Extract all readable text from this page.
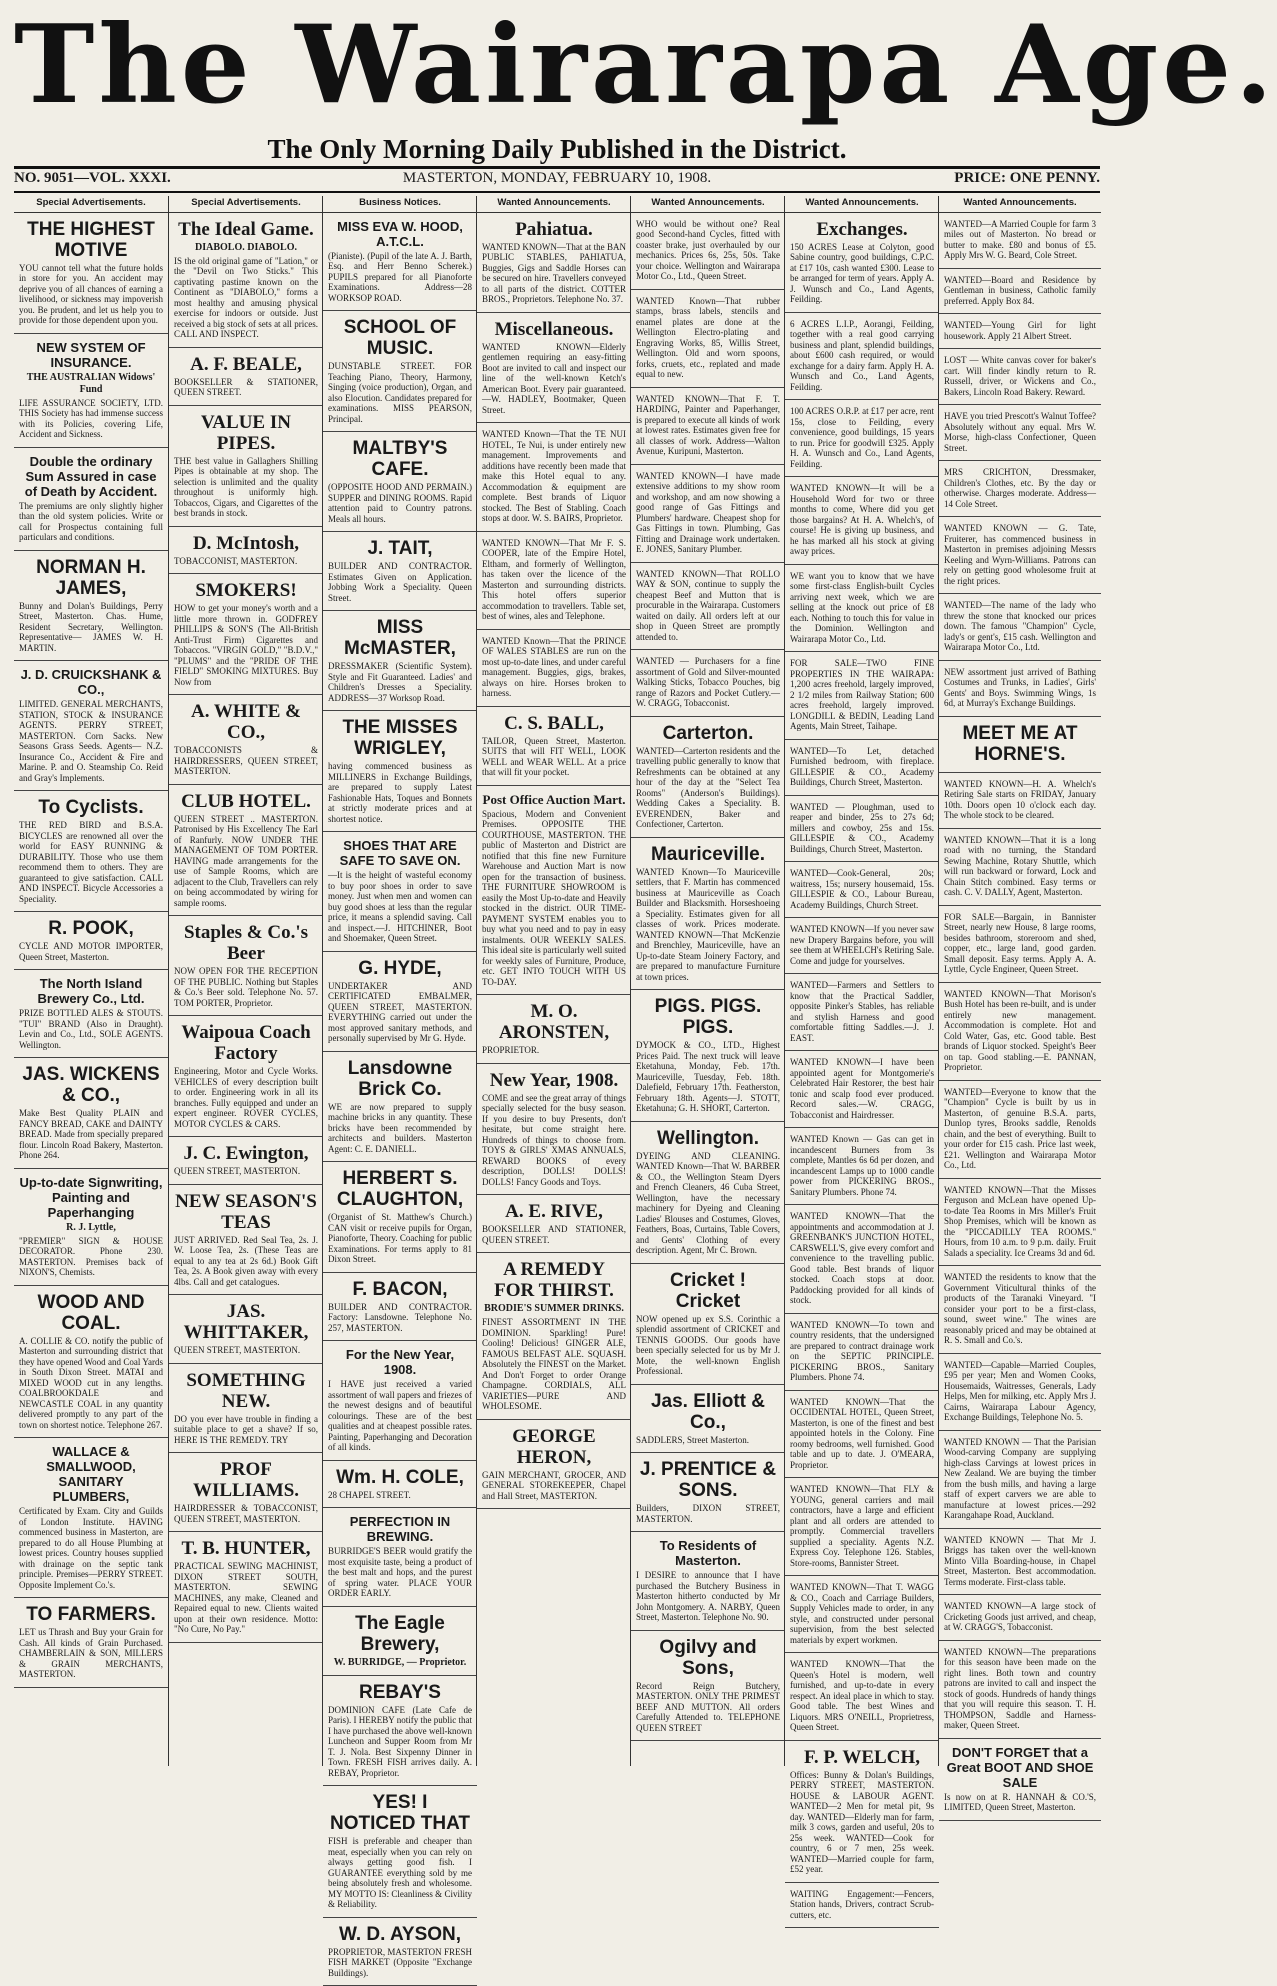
The Wairarapa Age.
The Only Morning Daily Published in the District.
NO. 9051—VOL. XXXI.	MASTERTON, MONDAY, FEBRUARY 10, 1908.	PRICE: ONE PENNY.
Special Advertisements.
THE HIGHEST MOTIVE

YOU cannot tell what the future holds in store for you. An accident may deprive you of all chances of earning a livelihood, or sickness may impoverish you. Be prudent, and let us help you to provide for those dependent upon you.

NEW SYSTEM OF INSURANCE.
THE AUSTRALIAN Widows' Fund

LIFE ASSURANCE SOCIETY, LTD. THIS Society has had immense success with its Policies, covering Life, Accident and Sickness.

Double the ordinary Sum Assured in case of Death by Accident.

The premiums are only slightly higher than the old system policies. Write or call for Prospectus containing full particulars and conditions.

NORMAN H. JAMES,

Bunny and Dolan's Buildings, Perry Street, Masterton. Chas. Hume, Resident Secretary, Wellington. Representative— JAMES W. H. MARTIN.

J. D. CRUICKSHANK & CO.,

LIMITED. GENERAL MERCHANTS, STATION, STOCK & INSURANCE AGENTS. PERRY STREET, MASTERTON. Corn Sacks. New Seasons Grass Seeds. Agents— N.Z. Insurance Co., Accident & Fire and Marine. P. and O. Steamship Co. Reid and Gray's Implements.

To Cyclists.

THE RED BIRD and B.S.A. BICYCLES are renowned all over the world for EASY RUNNING & DURABILITY. Those who use them recommend them to others. They are guaranteed to give satisfaction. CALL AND INSPECT. Bicycle Accessories a Speciality.

R. POOK,

CYCLE AND MOTOR IMPORTER, Queen Street, Masterton.

The North Island Brewery Co., Ltd.

PRIZE BOTTLED ALES & STOUTS. "TUI" BRAND (Also in Draught). Levin and Co., Ltd., SOLE AGENTS. Wellington.

JAS. WICKENS & CO.,

Make Best Quality PLAIN and FANCY BREAD, CAKE and DAINTY BREAD. Made from specially prepared flour. Lincoln Road Bakery, Masterton. Phone 264.

Up-to-date Signwriting, Painting and Paperhanging
R. J. Lyttle,

"PREMIER" SIGN & HOUSE DECORATOR. Phone 230. MASTERTON. Premises back of NIXON'S, Chemists.

WOOD AND COAL.

A. COLLIE & CO. notify the public of Masterton and surrounding district that they have opened Wood and Coal Yards in South Dixon Street. MATAI and MIXED WOOD cut in any lengths. COALBROOKDALE and NEWCASTLE COAL in any quantity delivered promptly to any part of the town on shortest notice. Telephone 267.

WALLACE & SMALLWOOD, SANITARY PLUMBERS,

Certificated by Exam. City and Guilds of London Institute. HAVING commenced business in Masterton, are prepared to do all House Plumbing at lowest prices. Country houses supplied with drainage on the septic tank principle. Premises—PERRY STREET. Opposite Implement Co.'s.

TO FARMERS.

LET us Thrash and Buy your Grain for Cash. All kinds of Grain Purchased. CHAMBERLAIN & SON, MILLERS & GRAIN MERCHANTS, MASTERTON.

Special Advertisements.
The Ideal Game.
DIABOLO. DIABOLO.

IS the old original game of "Lation," or the "Devil on Two Sticks." This captivating pastime known on the Continent as "DIABOLO," forms a most healthy and amusing physical exercise for indoors or outside. Just received a big stock of sets at all prices. CALL AND INSPECT.

A. F. BEALE,

BOOKSELLER & STATIONER, QUEEN STREET.

VALUE IN PIPES.

THE best value in Gallaghers Shilling Pipes is obtainable at my shop. The selection is unlimited and the quality throughout is uniformly high. Tobaccos, Cigars, and Cigarettes of the best brands in stock.

D. McIntosh,

TOBACCONIST, MASTERTON.

SMOKERS!

HOW to get your money's worth and a little more thrown in. GODFREY PHILLIPS & SON'S (The All-British Anti-Trust Firm) Cigarettes and Tobaccos. "VIRGIN GOLD," "B.D.V.," "PLUMS" and the "PRIDE OF THE FIELD" SMOKING MIXTURES. Buy Now from

A. WHITE & CO.,

TOBACCONISTS & HAIRDRESSERS, QUEEN STREET, MASTERTON.

CLUB HOTEL.

QUEEN STREET .. MASTERTON. Patronised by His Excellency The Earl of Ranfurly. NOW UNDER THE MANAGEMENT OF TOM PORTER. HAVING made arrangements for the use of Sample Rooms, which are adjacent to the Club, Travellers can rely on being accommodated by wiring for sample rooms.

Staples & Co.'s Beer

NOW OPEN FOR THE RECEPTION OF THE PUBLIC. Nothing but Staples & Co.'s Beer sold. Telephone No. 57. TOM PORTER, Proprietor.

Waipoua Coach Factory

Engineering, Motor and Cycle Works. VEHICLES of every description built to order. Engineering work in all its branches. Fully equipped and under an expert engineer. ROVER CYCLES, MOTOR CYCLES & CARS.

J. C. Ewington,

QUEEN STREET, MASTERTON.

NEW SEASON'S TEAS

JUST ARRIVED. Red Seal Tea, 2s. J. W. Loose Tea, 2s. (These Teas are equal to any tea at 2s 6d.) Book Gift Tea, 2s. A Book given away with every 4lbs. Call and get catalogues.

JAS. WHITTAKER,

QUEEN STREET, MASTERTON.

SOMETHING NEW.

DO you ever have trouble in finding a suitable place to get a shave? If so, HERE IS THE REMEDY. TRY

PROF WILLIAMS.

HAIRDRESSER & TOBACCONIST, QUEEN STREET, MASTERTON.

T. B. HUNTER,

PRACTICAL SEWING MACHINIST, DIXON STREET SOUTH, MASTERTON. SEWING MACHINES, any make, Cleaned and Repaired equal to new. Clients waited upon at their own residence. Motto: "No Cure, No Pay."

Business Notices.
MISS EVA W. HOOD, A.T.C.L.

(Pianiste). (Pupil of the late A. J. Barth, Esq. and Herr Benno Scherek.) PUPILS prepared for all Pianoforte Examinations. Address—28 WORKSOP ROAD.

SCHOOL OF MUSIC.

DUNSTABLE STREET. FOR Teaching Piano, Theory, Harmony, Singing (voice production), Organ, and also Elocution. Candidates prepared for examinations. MISS PEARSON, Principal.

MALTBY'S CAFE.

(OPPOSITE HOOD AND PERMAIN.) SUPPER and DINING ROOMS. Rapid attention paid to Country patrons. Meals all hours.

J. TAIT,

BUILDER AND CONTRACTOR. Estimates Given on Application. Jobbing Work a Speciality. Queen Street.

MISS McMASTER,

DRESSMAKER (Scientific System). Style and Fit Guaranteed. Ladies' and Children's Dresses a Speciality. ADDRESS—37 Worksop Road.

THE MISSES WRIGLEY,

having commenced business as MILLINERS in Exchange Buildings, are prepared to supply Latest Fashionable Hats, Toques and Bonnets at strictly moderate prices and at shortest notice.

SHOES THAT ARE SAFE TO SAVE ON.

—It is the height of wasteful economy to buy poor shoes in order to save money. Just when men and women can buy good shoes at less than the regular price, it means a splendid saving. Call and inspect.—J. HITCHINER, Boot and Shoemaker, Queen Street.

G. HYDE,

UNDERTAKER AND CERTIFICATED EMBALMER, QUEEN STREET, MASTERTON. EVERYTHING carried out under the most approved sanitary methods, and personally supervised by Mr G. Hyde.

Lansdowne Brick Co.

WE are now prepared to supply machine bricks in any quantity. These bricks have been recommended by architects and builders. Masterton Agent: C. E. DANIELL.

HERBERT S. CLAUGHTON,

(Organist of St. Matthew's Church.) CAN visit or receive pupils for Organ, Pianoforte, Theory. Coaching for public Examinations. For terms apply to 81 Dixon Street.

F. BACON,

BUILDER AND CONTRACTOR. Factory: Lansdowne. Telephone No. 257, MASTERTON.

For the New Year, 1908.

I HAVE just received a varied assortment of wall papers and friezes of the newest designs and of beautiful colourings. These are of the best qualities and at cheapest possible rates. Painting, Paperhanging and Decoration of all kinds.

Wm. H. COLE,

28 CHAPEL STREET.

PERFECTION IN BREWING.

BURRIDGE'S BEER would gratify the most exquisite taste, being a product of the best malt and hops, and the purest of spring water. PLACE YOUR ORDER EARLY.

The Eagle Brewery,
W. BURRIDGE, — Proprietor.
REBAY'S

DOMINION CAFE (Late Cafe de Paris). I HEREBY notify the public that I have purchased the above well-known Luncheon and Supper Room from Mr T. J. Nola. Best Sixpenny Dinner in Town. FRESH FISH arrives daily. A. REBAY, Proprietor.

YES! I NOTICED THAT

FISH is preferable and cheaper than meat, especially when you can rely on always getting good fish. I GUARANTEE everything sold by me being absolutely fresh and wholesome. MY MOTTO IS: Cleanliness & Civility & Reliability.

W. D. AYSON,

PROPRIETOR, MASTERTON FRESH FISH MARKET (Opposite "Exchange Buildings).

Wanted Announcements.
Pahiatua.

WANTED KNOWN—That at the BAN PUBLIC STABLES, PAHIATUA, Buggies, Gigs and Saddle Horses can be secured on hire. Travellers conveyed to all parts of the district. COTTER BROS., Proprietors. Telephone No. 37.

Miscellaneous.

WANTED KNOWN—Elderly gentlemen requiring an easy-fitting Boot are invited to call and inspect our line of the well-known Ketch's American Boot. Every pair guaranteed.—W. HADLEY, Bootmaker, Queen Street.

WANTED Known—That the TE NUI HOTEL, Te Nui, is under entirely new management. Improvements and additions have recently been made that make this Hotel equal to any. Accommodation & equipment are complete. Best brands of Liquor stocked. The Best of Stabling. Coach stops at door. W. S. BAIRS, Proprietor.

WANTED KNOWN—That Mr F. S. COOPER, late of the Empire Hotel, Eltham, and formerly of Wellington, has taken over the licence of the Masterton and surrounding districts. This hotel offers superior accommodation to travellers. Table set, best of wines, ales and Telephone.

WANTED Known—That the PRINCE OF WALES STABLES are run on the most up-to-date lines, and under careful management. Buggies, gigs, brakes, always on hire. Horses broken to harness.

C. S. BALL,

TAILOR, Queen Street, Masterton. SUITS that will FIT WELL, LOOK WELL and WEAR WELL. At a price that will fit your pocket.

Post Office Auction Mart.

Spacious, Modern and Convenient Premises. OPPOSITE THE COURTHOUSE, MASTERTON. THE public of Masterton and District are notified that this fine new Furniture Warehouse and Auction Mart is now open for the transaction of business. THE FURNITURE SHOWROOM is easily the Most Up-to-date and Heavily stocked in the district. OUR TIME-PAYMENT SYSTEM enables you to buy what you need and to pay in easy instalments. OUR WEEKLY SALES. This ideal site is particularly well suited for weekly sales of Furniture, Produce, etc. GET INTO TOUCH WITH US TO-DAY.

M. O. ARONSTEN,

PROPRIETOR.

New Year, 1908.

COME and see the great array of things specially selected for the busy season. If you desire to buy Presents, don't hesitate, but come straight here. Hundreds of things to choose from. TOYS & GIRLS' XMAS ANNUALS, REWARD BOOKS of every description, DOLLS! DOLLS! DOLLS! Fancy Goods and Toys.

A. E. RIVE,

BOOKSELLER AND STATIONER, QUEEN STREET.

A REMEDY FOR THIRST.
BRODIE'S SUMMER DRINKS.

FINEST ASSORTMENT IN THE DOMINION. Sparkling! Pure! Cooling! Delicious! GINGER ALE, FAMOUS BELFAST ALE. SQUASH. Absolutely the FINEST on the Market. And Don't Forget to order Orange Champagne. CORDIALS, ALL VARIETIES—PURE AND WHOLESOME.

GEORGE HERON,

GAIN MERCHANT, GROCER, AND GENERAL STOREKEEPER, Chapel and Hall Street, MASTERTON.

Wanted Announcements.

WHO would be without one? Real good Second-hand Cycles, fitted with coaster brake, just overhauled by our mechanics. Prices 6s, 25s, 50s. Take your choice. Wellington and Wairarapa Motor Co., Ltd., Queen Street.

WANTED Known—That rubber stamps, brass labels, stencils and enamel plates are done at the Wellington Electro-plating and Engraving Works, 85, Willis Street, Wellington. Old and worn spoons, forks, cruets, etc., replated and made equal to new.

WANTED KNOWN—That F. T. HARDING, Painter and Paperhanger, is prepared to execute all kinds of work at lowest rates. Estimates given free for all classes of work. Address—Walton Avenue, Kuripuni, Masterton.

WANTED KNOWN—I have made extensive additions to my show room and workshop, and am now showing a good range of Gas Fittings and Plumbers' hardware. Cheapest shop for Gas Fittings in town. Plumbing, Gas Fitting and Drainage work undertaken. E. JONES, Sanitary Plumber.

WANTED KNOWN—That ROLLO WAY & SON, continue to supply the cheapest Beef and Mutton that is procurable in the Wairarapa. Customers waited on daily. All orders left at our shop in Queen Street are promptly attended to.

WANTED — Purchasers for a fine assortment of Gold and Silver-mounted Walking Sticks, Tobacco Pouches, big range of Razors and Pocket Cutlery.—W. CRAGG, Tobacconist.

Carterton.

WANTED—Carterton residents and the travelling public generally to know that Refreshments can be obtained at any hour of the day at the "Select Tea Rooms" (Anderson's Buildings). Wedding Cakes a Speciality. B. EVERENDEN, Baker and Confectioner, Carterton.

Mauriceville.

WANTED Known—To Mauriceville settlers, that F. Martin has commenced business at Mauriceville as Coach Builder and Blacksmith. Horseshoeing a Speciality. Estimates given for all classes of work. Prices moderate. WANTED KNOWN—That McKenzie and Brenchley, Mauriceville, have an Up-to-date Steam Joinery Factory, and are prepared to manufacture Furniture at town prices.

PIGS. PIGS. PIGS.

DYMOCK & CO., LTD., Highest Prices Paid. The next truck will leave Eketahuna, Monday, Feb. 17th. Mauriceville, Tuesday, Feb. 18th. Dalefield, February 17th. Featherston, February 18th. Agents—J. STOTT, Eketahuna; G. H. SHORT, Carterton.

Wellington.

DYEING AND CLEANING. WANTED Known—That W. BARBER & CO., the Wellington Steam Dyers and French Cleaners, 46 Cuba Street, Wellington, have the necessary machinery for Dyeing and Cleaning Ladies' Blouses and Costumes, Gloves, Feathers, Boas, Curtains, Table Covers, and Gents' Clothing of every description. Agent, Mr C. Brown.

Cricket ! Cricket

NOW opened up ex S.S. Corinthic a splendid assortment of CRICKET and TENNIS GOODS. Our goods have been specially selected for us by Mr J. Mote, the well-known English Professional.

Jas. Elliott & Co.,

SADDLERS, Street Masterton.

J. PRENTICE & SONS.

Builders, DIXON STREET, MASTERTON.

To Residents of Masterton.

I DESIRE to announce that I have purchased the Butchery Business in Masterton hitherto conducted by Mr John Montgomery. A. NARBY, Queen Street, Masterton. Telephone No. 90.

Ogilvy and Sons,

Record Reign Butchery, MASTERTON. ONLY THE PRIMEST BEEF AND MUTTON. All orders Carefully Attended to. TELEPHONE QUEEN STREET

Wanted Announcements.
Exchanges.

150 ACRES Lease at Colyton, good Sabine country, good buildings, C.P.C. at £17 10s, cash wanted £300. Lease to be arranged for term of years. Apply A. J. Wunsch and Co., Land Agents, Feilding.

6 ACRES L.I.P., Aorangi, Feilding, together with a real good carrying business and plant, splendid buildings, about £600 cash required, or would exchange for a dairy farm. Apply H. A. Wunsch and Co., Land Agents, Feilding.

100 ACRES O.R.P. at £17 per acre, rent 15s, close to Feilding, every convenience, good buildings, 15 years to run. Price for goodwill £325. Apply H. A. Wunsch and Co., Land Agents, Feilding.

WANTED KNOWN—It will be a Household Word for two or three months to come, Where did you get those bargains? At H. A. Whelch's, of course! He is giving up business, and he has marked all his stock at giving away prices.

WE want you to know that we have some first-class English-built Cycles arriving next week, which we are selling at the knock out price of £8 each. Nothing to touch this for value in the Dominion. Wellington and Wairarapa Motor Co., Ltd.

FOR SALE—TWO FINE PROPERTIES IN THE WAIRAPA: 1,200 acres freehold, largely improved, 2 1/2 miles from Railway Station; 600 acres freehold, largely improved. LONGDILL & BEDIN, Leading Land Agents, Main Street, Taihape.

WANTED—To Let, detached Furnished bedroom, with fireplace. GILLESPIE & CO., Academy Buildings, Church Street, Masterton.

WANTED — Ploughman, used to reaper and binder, 25s to 27s 6d; millers and cowboy, 25s and 15s. GILLESPIE & CO., Academy Buildings, Church Street, Masterton.

WANTED—Cook-General, 20s; waitress, 15s; nursery housemaid, 15s. GILLESPIE & CO., Labour Bureau, Academy Buildings, Church Street.

WANTED KNOWN—If you never saw new Drapery Bargains before, you will see them at WHEELCH's Retiring Sale. Come and judge for yourselves.

WANTED—Farmers and Settlers to know that the Practical Saddler, opposite Pinker's Stables, has reliable and stylish Harness and good comfortable fitting Saddles.—J. J. EAST.

WANTED KNOWN—I have been appointed agent for Montgomerie's Celebrated Hair Restorer, the best hair tonic and scalp food ever produced. Record sales.—W. CRAGG, Tobacconist and Hairdresser.

WANTED Known — Gas can get in incandescent Burners from 3s complete, Mantles 6s 6d per dozen, and incandescent Lamps up to 1000 candle power from PICKERING BROS., Sanitary Plumbers. Phone 74.

WANTED KNOWN—That the appointments and accommodation at J. GREENBANK'S JUNCTION HOTEL, CARSWELL'S, give every comfort and convenience to the travelling public. Good table. Best brands of liquor stocked. Coach stops at door. Paddocking provided for all kinds of stock.

WANTED KNOWN—To town and country residents, that the undersigned are prepared to contract drainage work on the SEPTIC PRINCIPLE. PICKERING BROS., Sanitary Plumbers. Phone 74.

WANTED KNOWN—That the OCCIDENTAL HOTEL, Queen Street, Masterton, is one of the finest and best appointed hotels in the Colony. Fine roomy bedrooms, well furnished. Good table and up to date. J. O'MEARA, Proprietor.

WANTED KNOWN—That FLY & YOUNG, general carriers and mail contractors, have a large and efficient plant and all orders are attended to promptly. Commercial travellers supplied a speciality. Agents N.Z. Express Coy. Telephone 126. Stables, Store-rooms, Bannister Street.

WANTED KNOWN—That T. WAGG & CO., Coach and Carriage Builders, Supply Vehicles made to order, in any style, and constructed under personal supervision, from the best selected materials by expert workmen.

WANTED KNOWN—That the Queen's Hotel is modern, well furnished, and up-to-date in every respect. An ideal place in which to stay. Good table. The best Wines and Liquors. MRS O'NEILL, Proprietress, Queen Street.

F. P. WELCH,

Offices: Bunny & Dolan's Buildings, PERRY STREET, MASTERTON. HOUSE & LABOUR AGENT. WANTED—2 Men for metal pit, 9s day. WANTED—Elderly man for farm, milk 3 cows, garden and useful, 20s to 25s week. WANTED—Cook for country, 6 or 7 men, 25s week. WANTED—Married couple for farm, £52 year.

WAITING Engagement:—Fencers, Station hands, Drivers, contract Scrub-cutters, etc.

Wanted Announcements.

WANTED—A Married Couple for farm 3 miles out of Masterton. No bread or butter to make. £80 and bonus of £5. Apply Mrs W. G. Beard, Cole Street.

WANTED—Board and Residence by Gentleman in business, Catholic family preferred. Apply Box 84.

WANTED—Young Girl for light housework. Apply 21 Albert Street.

LOST — White canvas cover for baker's cart. Will finder kindly return to R. Russell, driver, or Wickens and Co., Bakers, Lincoln Road Bakery. Reward.

HAVE you tried Prescott's Walnut Toffee? Absolutely without any equal. Mrs W. Morse, high-class Confectioner, Queen Street.

MRS CRICHTON, Dressmaker, Children's Clothes, etc. By the day or otherwise. Charges moderate. Address—14 Cole Street.

WANTED KNOWN — G. Tate, Fruiterer, has commenced business in Masterton in premises adjoining Messrs Keeling and Wyrn-Williams. Patrons can rely on getting good wholesome fruit at the right prices.

WANTED—The name of the lady who threw the stone that knocked our prices down. The famous "Champion" Cycle, lady's or gent's, £15 cash. Wellington and Wairarapa Motor Co., Ltd.

NEW assortment just arrived of Bathing Costumes and Trunks, in Ladies', Girls' Gents' and Boys. Swimming Wings, 1s 6d, at Murray's Exchange Buildings.

MEET ME AT HORNE'S.

WANTED KNOWN—H. A. Whelch's Retiring Sale starts on FRIDAY, January 10th. Doors open 10 o'clock each day. The whole stock to be cleared.

WANTED KNOWN—That it is a long road with no turning, the Standard Sewing Machine, Rotary Shuttle, which will run backward or forward, Lock and Chain Stitch combined. Easy terms or cash. C. V. DALLY, Agent, Masterton.

FOR SALE—Bargain, in Bannister Street, nearly new House, 8 large rooms, besides bathroom, storeroom and shed, copper, etc., large land, good garden. Small deposit. Easy terms. Apply A. A. Lyttle, Cycle Engineer, Queen Street.

WANTED KNOWN—That Morison's Bush Hotel has been re-built, and is under entirely new management. Accommodation is complete. Hot and Cold Water, Gas, etc. Good table. Best brands of Liquor stocked. Speight's Beer on tap. Good stabling.—E. PANNAN, Proprietor.

WANTED—Everyone to know that the "Champion" Cycle is built by us in Masterton, of genuine B.S.A. parts, Dunlop tyres, Brooks saddle, Renolds chain, and the best of everything. Built to your order for £15 cash. Price last week, £21. Wellington and Wairarapa Motor Co., Ltd.

WANTED KNOWN—That the Misses Ferguson and McLean have opened Up-to-date Tea Rooms in Mrs Miller's Fruit Shop Premises, which will be known as the "PICCADILLY TEA ROOMS." Hours, from 10 a.m. to 9 p.m. daily. Fruit Salads a speciality. Ice Creams 3d and 6d.

WANTED the residents to know that the Government Viticultural thinks of the products of the Taranaki Vineyard. "I consider your port to be a first-class, sound, sweet wine." The wines are reasonably priced and may be obtained at R. S. Small and Co.'s.

WANTED—Capable—Married Couples, £95 per year; Men and Women Cooks, Housemaids, Waitresses, Generals, Lady Helps, Men for milking, etc. Apply Mrs J. Cairns, Wairarapa Labour Agency, Exchange Buildings, Telephone No. 5.

WANTED KNOWN — That the Parisian Wood-carving Company are supplying high-class Carvings at lowest prices in New Zealand. We are buying the timber from the bush mills, and having a large staff of expert carvers we are able to manufacture at lowest prices.—292 Karangahape Road, Auckland.

WANTED KNOWN — That Mr J. Briggs has taken over the well-known Minto Villa Boarding-house, in Chapel Street, Masterton. Best accommodation. Terms moderate. First-class table.

WANTED KNOWN—A large stock of Cricketing Goods just arrived, and cheap, at W. CRAGG'S, Tobacconist.

WANTED KNOWN—The preparations for this season have been made on the right lines. Both town and country patrons are invited to call and inspect the stock of goods. Hundreds of handy things that you will require this season. T. H. THOMPSON, Saddle and Harness-maker, Queen Street.

DON'T FORGET that a Great BOOT AND SHOE SALE

Is now on at R. HANNAH & CO.'S, LIMITED, Queen Street, Masterton.
